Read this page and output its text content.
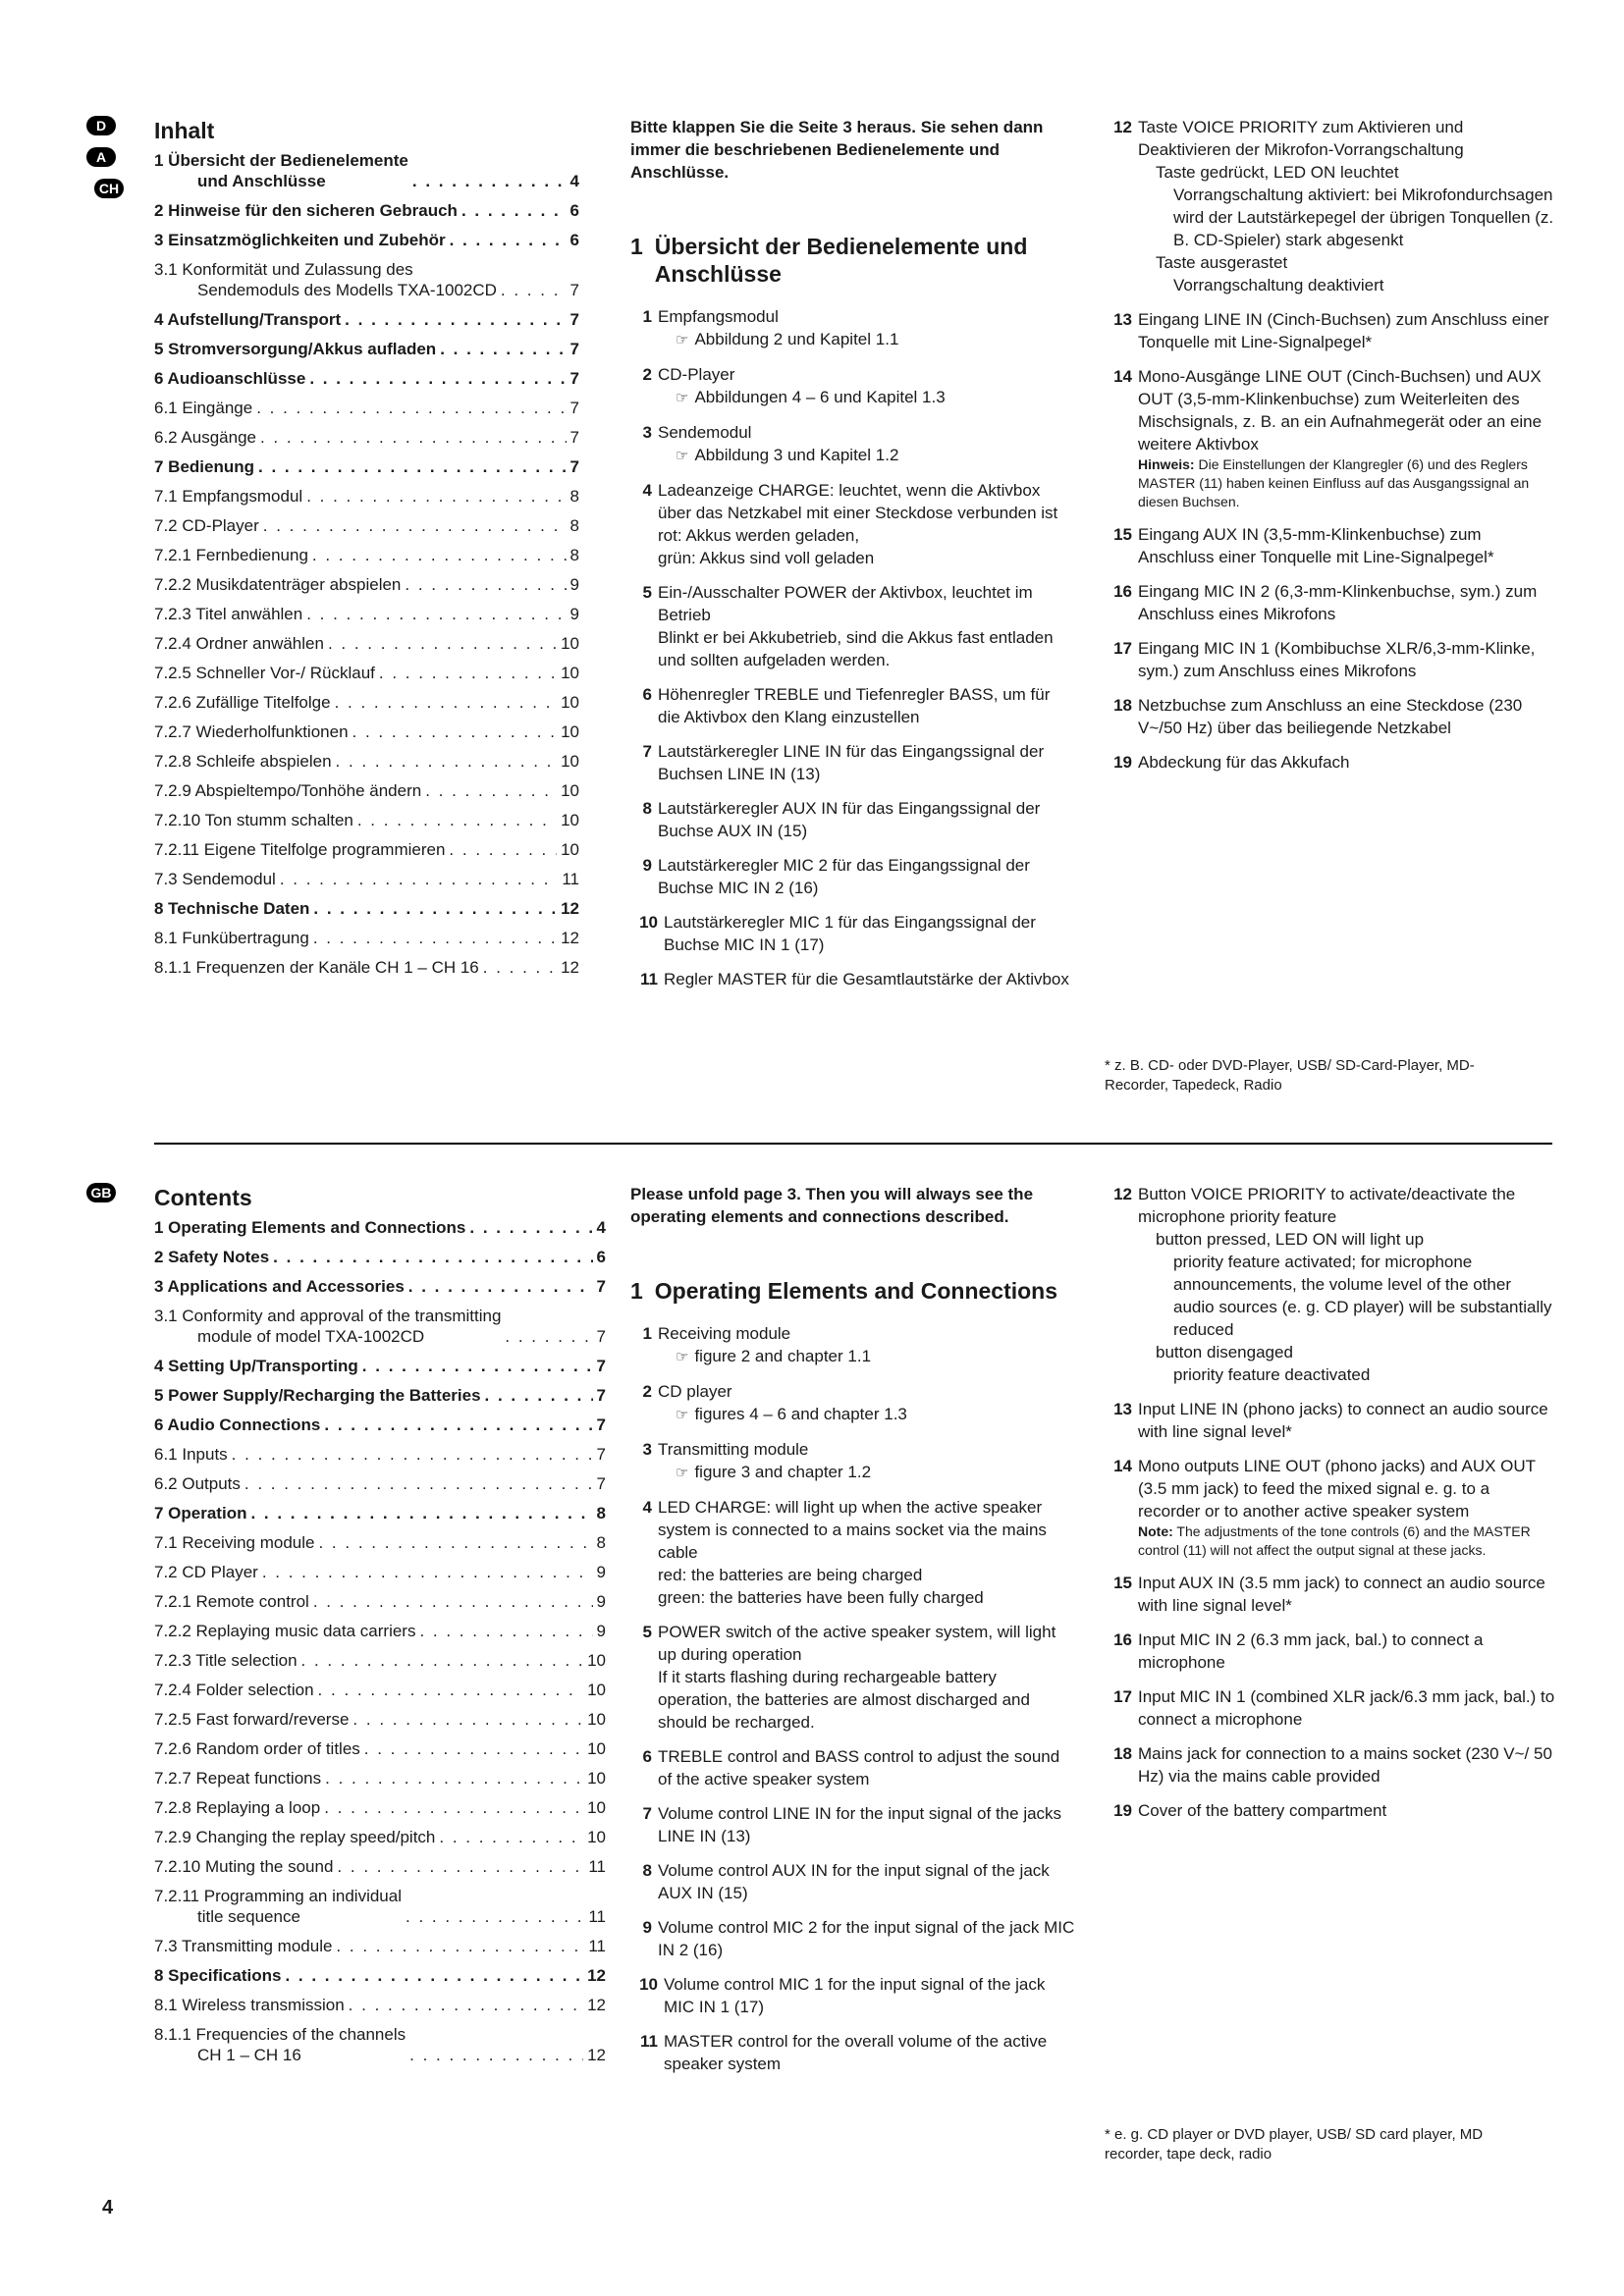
D
A
CH
Inhalt
1 Übersicht der Bedienelemente
und Anschlüsse . . .	4
2 Hinweise für den sicheren Gebrauch . . .	6
3 Einsatzmöglichkeiten und Zubehör . . .	6
3.1 Konformität und Zulassung des
Sendemoduls des Modells TXA-1002CD . . .	7
4 Aufstellung/Transport . . .	7
5 Stromversorgung/Akkus aufladen . . .	7
6 Audioanschlüsse . . .	7
6.1 Eingänge . . .	7
6.2 Ausgänge . . .	7
7 Bedienung . . .	7
7.1 Empfangsmodul . . .	8
7.2 CD-Player . . .	8
7.2.1 Fernbedienung . . .	8
7.2.2 Musikdatenträger abspielen . . .	9
7.2.3 Titel anwählen . . .	9
7.2.4 Ordner anwählen . . .	10
7.2.5 Schneller Vor-/ Rücklauf . . .	10
7.2.6 Zufällige Titelfolge . . .	10
7.2.7 Wiederholfunktionen . . .	10
7.2.8 Schleife abspielen . . .	10
7.2.9 Abspieltempo/Tonhöhe ändern . . .	10
7.2.10 Ton stumm schalten . . .	10
7.2.11 Eigene Titelfolge programmieren . . .	10
7.3 Sendemodul . . .	11
8 Technische Daten . . .	12
8.1 Funkübertragung . . .	12
8.1.1 Frequenzen der Kanäle CH 1 – CH 16 . . .	12

Bitte klappen Sie die Seite 3 heraus. Sie sehen dann immer die beschriebenen Bedienelemente und Anschlüsse.

1 Übersicht der Bedienelemente und Anschlüsse
1 Empfangsmodul
☞ Abbildung 2 und Kapitel 1.1
2 CD-Player
☞ Abbildungen 4 – 6 und Kapitel 1.3
3 Sendemodul
☞ Abbildung 3 und Kapitel 1.2
4 Ladeanzeige CHARGE: leuchtet, wenn die Aktivbox über das Netzkabel mit einer Steckdose verbunden ist
rot: Akkus werden geladen,
grün: Akkus sind voll geladen
5 Ein-/Ausschalter POWER der Aktivbox, leuchtet im Betrieb
Blinkt er bei Akkubetrieb, sind die Akkus fast entladen und sollten aufgeladen werden.
6 Höhenregler TREBLE und Tiefenregler BASS, um für die Aktivbox den Klang einzustellen
7 Lautstärkeregler LINE IN für das Eingangssignal der Buchsen LINE IN (13)
8 Lautstärkeregler AUX IN für das Eingangssignal der Buchse AUX IN (15)
9 Lautstärkeregler MIC 2 für das Eingangssignal der Buchse MIC IN 2 (16)
10 Lautstärkeregler MIC 1 für das Eingangssignal der Buchse MIC IN 1 (17)
11 Regler MASTER für die Gesamtlautstärke der Aktivbox
12 Taste VOICE PRIORITY zum Aktivieren und Deaktivieren der Mikrofon-Vorrangschaltung
Taste gedrückt, LED ON leuchtet
Vorrangschaltung aktiviert: bei Mikrofondurchsagen wird der Lautstärkepegel der übrigen Tonquellen (z. B. CD-Spieler) stark abgesenkt
Taste ausgerastet
Vorrangschaltung deaktiviert
13 Eingang LINE IN (Cinch-Buchsen) zum Anschluss einer Tonquelle mit Line-Signalpegel*
14 Mono-Ausgänge LINE OUT (Cinch-Buchsen) und AUX OUT (3,5-mm-Klinkenbuchse) zum Weiterleiten des Mischsignals, z. B. an ein Aufnahmegerät oder an eine weitere Aktivbox
Hinweis: Die Einstellungen der Klangregler (6) und des Reglers MASTER (11) haben keinen Einfluss auf das Ausgangssignal an diesen Buchsen.
15 Eingang AUX IN (3,5-mm-Klinkenbuchse) zum Anschluss einer Tonquelle mit Line-Signalpegel*
16 Eingang MIC IN 2 (6,3-mm-Klinkenbuchse, sym.) zum Anschluss eines Mikrofons
17 Eingang MIC IN 1 (Kombibuchse XLR/6,3-mm-Klinke, sym.) zum Anschluss eines Mikrofons
18 Netzbuchse zum Anschluss an eine Steckdose (230 V~/50 Hz) über das beiliegende Netzkabel
19 Abdeckung für das Akkufach
* z. B. CD- oder DVD-Player, USB/ SD-Card-Player, MD-Recorder, Tapedeck, Radio
GB Contents
1 Operating Elements and Connections . . .	4
2 Safety Notes . . .	6
3 Applications and Accessories . . .	7
3.1 Conformity and approval of the transmitting
module of model TXA-1002CD . . .	7
4 Setting Up/Transporting . . .	7
5 Power Supply/Recharging the Batteries . . .	7
6 Audio Connections . . .	7
6.1 Inputs . . .	7
6.2 Outputs . . .	7
7 Operation . . .	8
7.1 Receiving module . . .	8
7.2 CD Player . . .	9
7.2.1 Remote control . . .	9
7.2.2 Replaying music data carriers . . .	9
7.2.3 Title selection . . .	10
7.2.4 Folder selection . . .	10
7.2.5 Fast forward/reverse . . .	10
7.2.6 Random order of titles . . .	10
7.2.7 Repeat functions . . .	10
7.2.8 Replaying a loop . . .	10
7.2.9 Changing the replay speed/pitch . . .	10
7.2.10 Muting the sound . . .	11
7.2.11 Programming an individual
title sequence . . .	11
7.3 Transmitting module . . .	11
8 Specifications . . .	12
8.1 Wireless transmission . . .	12
8.1.1 Frequencies of the channels
CH 1 – CH 16 . . .	12

Please unfold page 3. Then you will always see the operating elements and connections described.

1 Operating Elements and Connections
1 Receiving module
☞ figure 2 and chapter 1.1
2 CD player
☞ figures 4 – 6 and chapter 1.3
3 Transmitting module
☞ figure 3 and chapter 1.2
4 LED CHARGE: will light up when the active speaker system is connected to a mains socket via the mains cable
red: the batteries are being charged
green: the batteries have been fully charged
5 POWER switch of the active speaker system, will light up during operation
If it starts flashing during rechargeable battery operation, the batteries are almost discharged and should be recharged.
6 TREBLE control and BASS control to adjust the sound of the active speaker system
7 Volume control LINE IN for the input signal of the jacks LINE IN (13)
8 Volume control AUX IN for the input signal of the jack AUX IN (15)
9 Volume control MIC 2 for the input signal of the jack MIC IN 2 (16)
10 Volume control MIC 1 for the input signal of the jack MIC IN 1 (17)
11 MASTER control for the overall volume of the active speaker system
12 Button VOICE PRIORITY to activate/deactivate the microphone priority feature
button pressed, LED ON will light up
priority feature activated; for microphone announcements, the volume level of the other audio sources (e. g. CD player) will be substantially reduced
button disengaged
priority feature deactivated
13 Input LINE IN (phono jacks) to connect an audio source with line signal level*
14 Mono outputs LINE OUT (phono jacks) and AUX OUT (3.5 mm jack) to feed the mixed signal e. g. to a recorder or to another active speaker system
Note: The adjustments of the tone controls (6) and the MASTER control (11) will not affect the output signal at these jacks.
15 Input AUX IN (3.5 mm jack) to connect an audio source with line signal level*
16 Input MIC IN 2 (6.3 mm jack, bal.) to connect a microphone
17 Input MIC IN 1 (combined XLR jack/6.3 mm jack, bal.) to connect a microphone
18 Mains jack for connection to a mains socket (230 V~/ 50 Hz) via the mains cable provided
19 Cover of the battery compartment
* e. g. CD player or DVD player, USB/ SD card player, MD recorder, tape deck, radio
4
